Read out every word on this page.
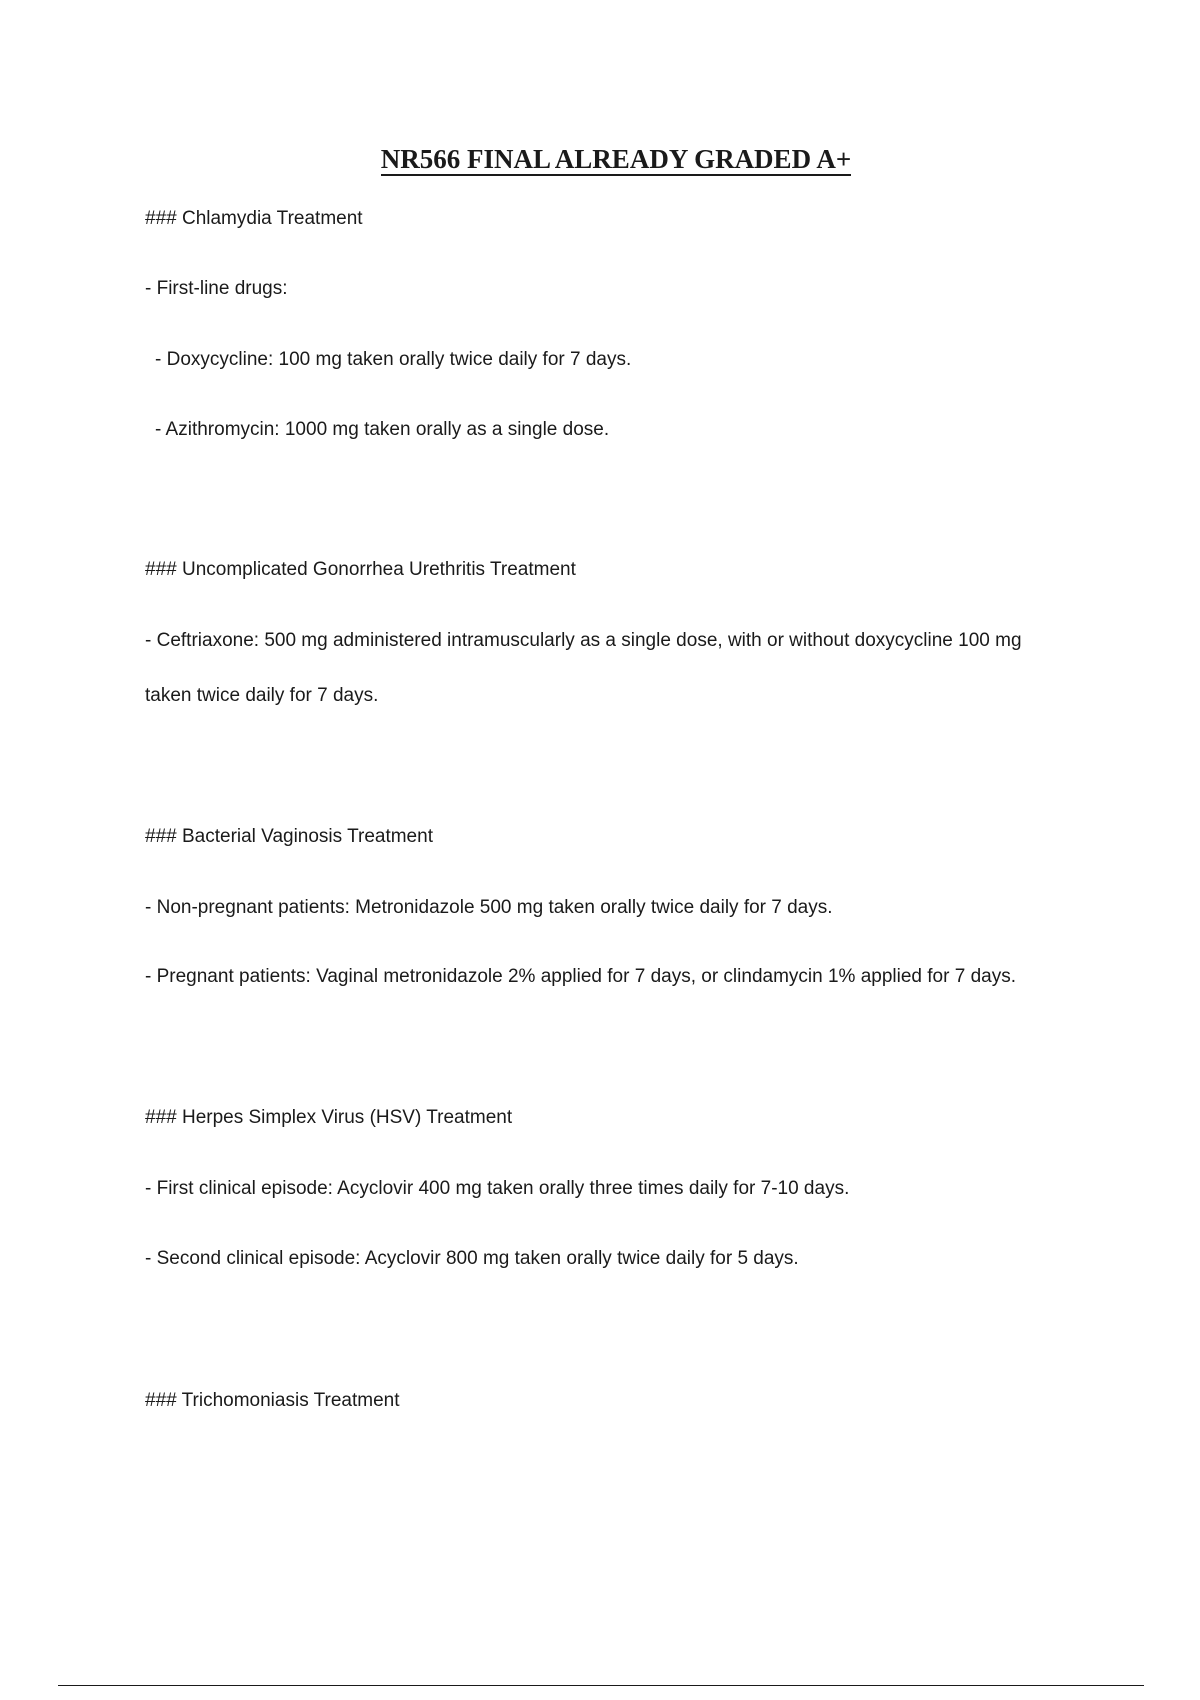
NR566 FINAL ALREADY GRADED A+

### Chlamydia Treatment

- First-line drugs:

- Doxycycline: 100 mg taken orally twice daily for 7 days.

- Azithromycin: 1000 mg taken orally as a single dose.

### Uncomplicated Gonorrhea Urethritis Treatment

- Ceftriaxone: 500 mg administered intramuscularly as a single dose, with or without doxycycline 100 mg

taken twice daily for 7 days.

### Bacterial Vaginosis Treatment

- Non-pregnant patients: Metronidazole 500 mg taken orally twice daily for 7 days.

- Pregnant patients: Vaginal metronidazole 2% applied for 7 days, or clindamycin 1% applied for 7 days.

### Herpes Simplex Virus (HSV) Treatment

- First clinical episode: Acyclovir 400 mg taken orally three times daily for 7-10 days.

- Second clinical episode: Acyclovir 800 mg taken orally twice daily for 5 days.

### Trichomoniasis Treatment
